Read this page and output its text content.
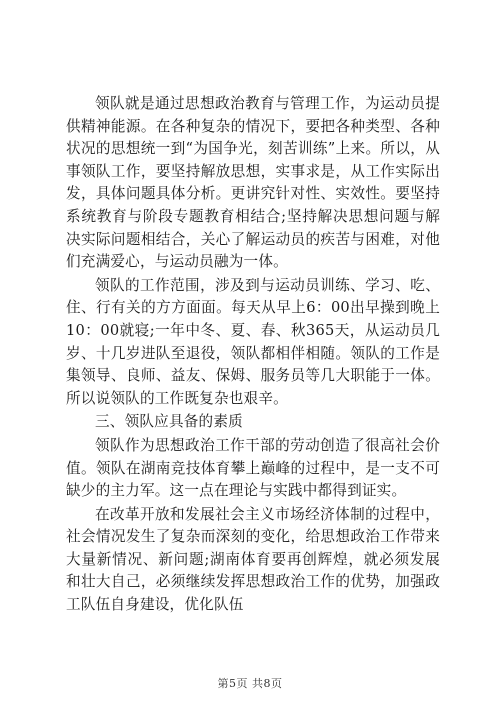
领队就是通过思想政治教育与管理工作，为运动员提供精神能源。在各种复杂的情况下，要把各种类型、各种状况的思想统一到“为国争光，刻苦训练”上来。所以，从事领队工作，要坚持解放思想，实事求是，从工作实际出发，具体问题具体分析。更讲究针对性、实效性。要坚持系统教育与阶段专题教育相结合;坚持解决思想问题与解决实际问题相结合，关心了解运动员的疾苦与困难，对他们充满爱心，与运动员融为一体。

领队的工作范围，涉及到与运动员训练、学习、吃、住、行有关的方方面面。每天从早上6：00出早操到晚上10：00就寝;一年中冬、夏、春、秋365天，从运动员几岁、十几岁进队至退役，领队都相伴相随。领队的工作是集领导、良师、益友、保姆、服务员等几大职能于一体。所以说领队的工作既复杂也艰辛。

三、领队应具备的素质

领队作为思想政治工作干部的劳动创造了很高社会价值。领队在湖南竞技体育攀上巅峰的过程中，是一支不可缺少的主力军。这一点在理论与实践中都得到证实。

在改革开放和发展社会主义市场经济体制的过程中，社会情况发生了复杂而深刻的变化，给思想政治工作带来大量新情况、新问题;湖南体育要再创辉煌，就必须发展和壮大自己，必须继续发挥思想政治工作的优势，加强政工队伍自身建设，优化队伍

第5页 共8页
